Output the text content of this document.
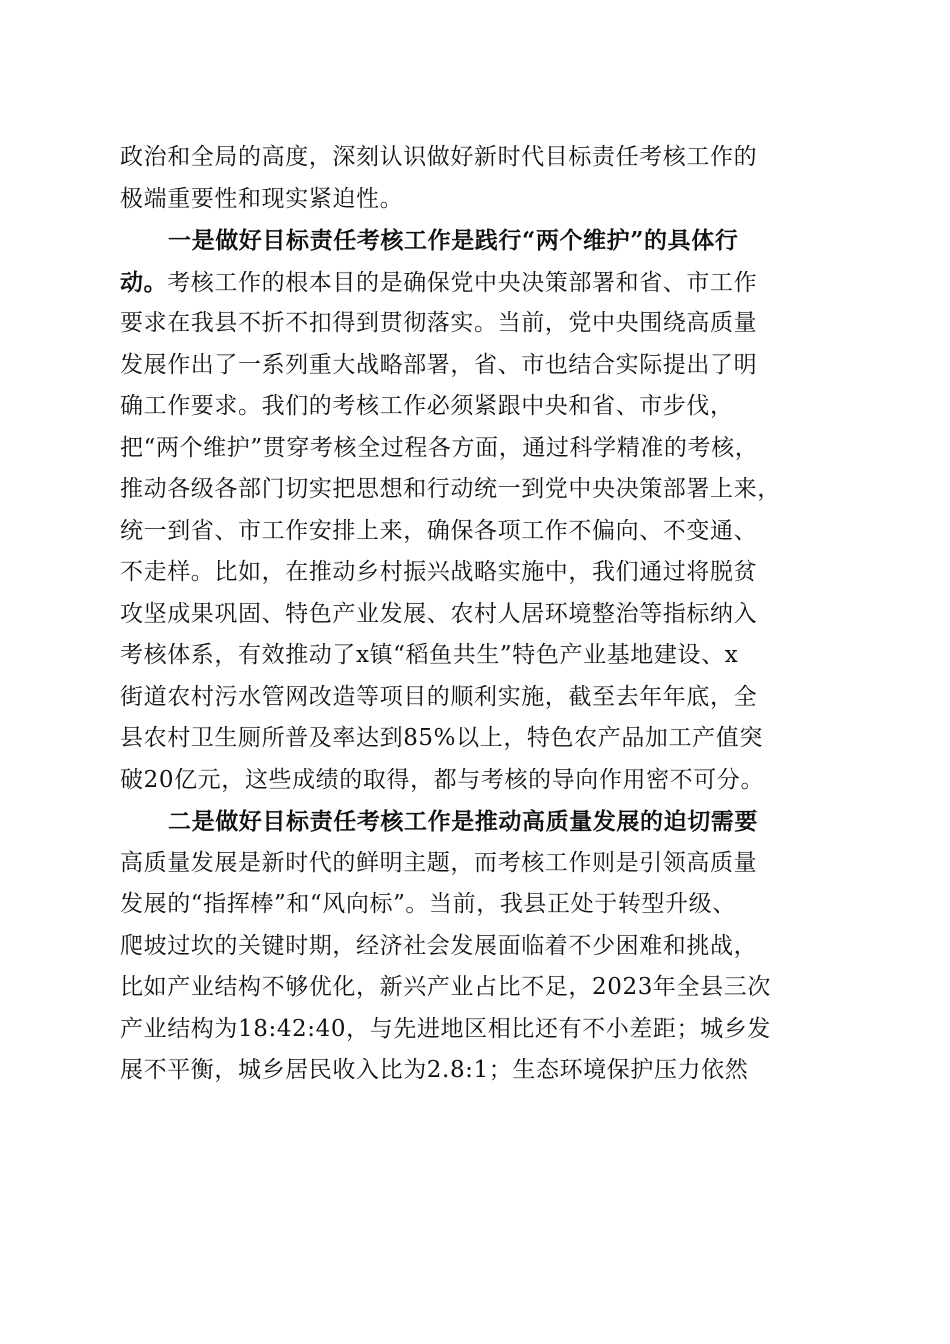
政治和全局的高度，深刻认识做好新时代目标责任考核工作的
极端重要性和现实紧迫性。
一是做好目标责任考核工作是践行“两个维护”的具体行
动。考核工作的根本目的是确保党中央决策部署和省、市工作
要求在我县不折不扣得到贯彻落实。当前，党中央围绕高质量
发展作出了一系列重大战略部署，省、市也结合实际提出了明
确工作要求。我们的考核工作必须紧跟中央和省、市步伐，
把“两个维护”贯穿考核全过程各方面，通过科学精准的考核，
推动各级各部门切实把思想和行动统一到党中央决策部署上来，
统一到省、市工作安排上来，确保各项工作不偏向、不变通、
不走样。比如，在推动乡村振兴战略实施中，我们通过将脱贫
攻坚成果巩固、特色产业发展、农村人居环境整治等指标纳入
考核体系，有效推动了x镇“稻鱼共生”特色产业基地建设、x
街道农村污水管网改造等项目的顺利实施，截至去年年底，全
县农村卫生厕所普及率达到85%以上，特色农产品加工产值突
破20亿元，这些成绩的取得，都与考核的导向作用密不可分。
二是做好目标责任考核工作是推动高质量发展的迫切需要
高质量发展是新时代的鲜明主题，而考核工作则是引领高质量
发展的“指挥棒”和“风向标”。当前，我县正处于转型升级、
爬坡过坎的关键时期，经济社会发展面临着不少困难和挑战，
比如产业结构不够优化，新兴产业占比不足，2023年全县三次
产业结构为18:42:40，与先进地区相比还有不小差距；城乡发
展不平衡，城乡居民收入比为2.8:1；生态环境保护压力依然
